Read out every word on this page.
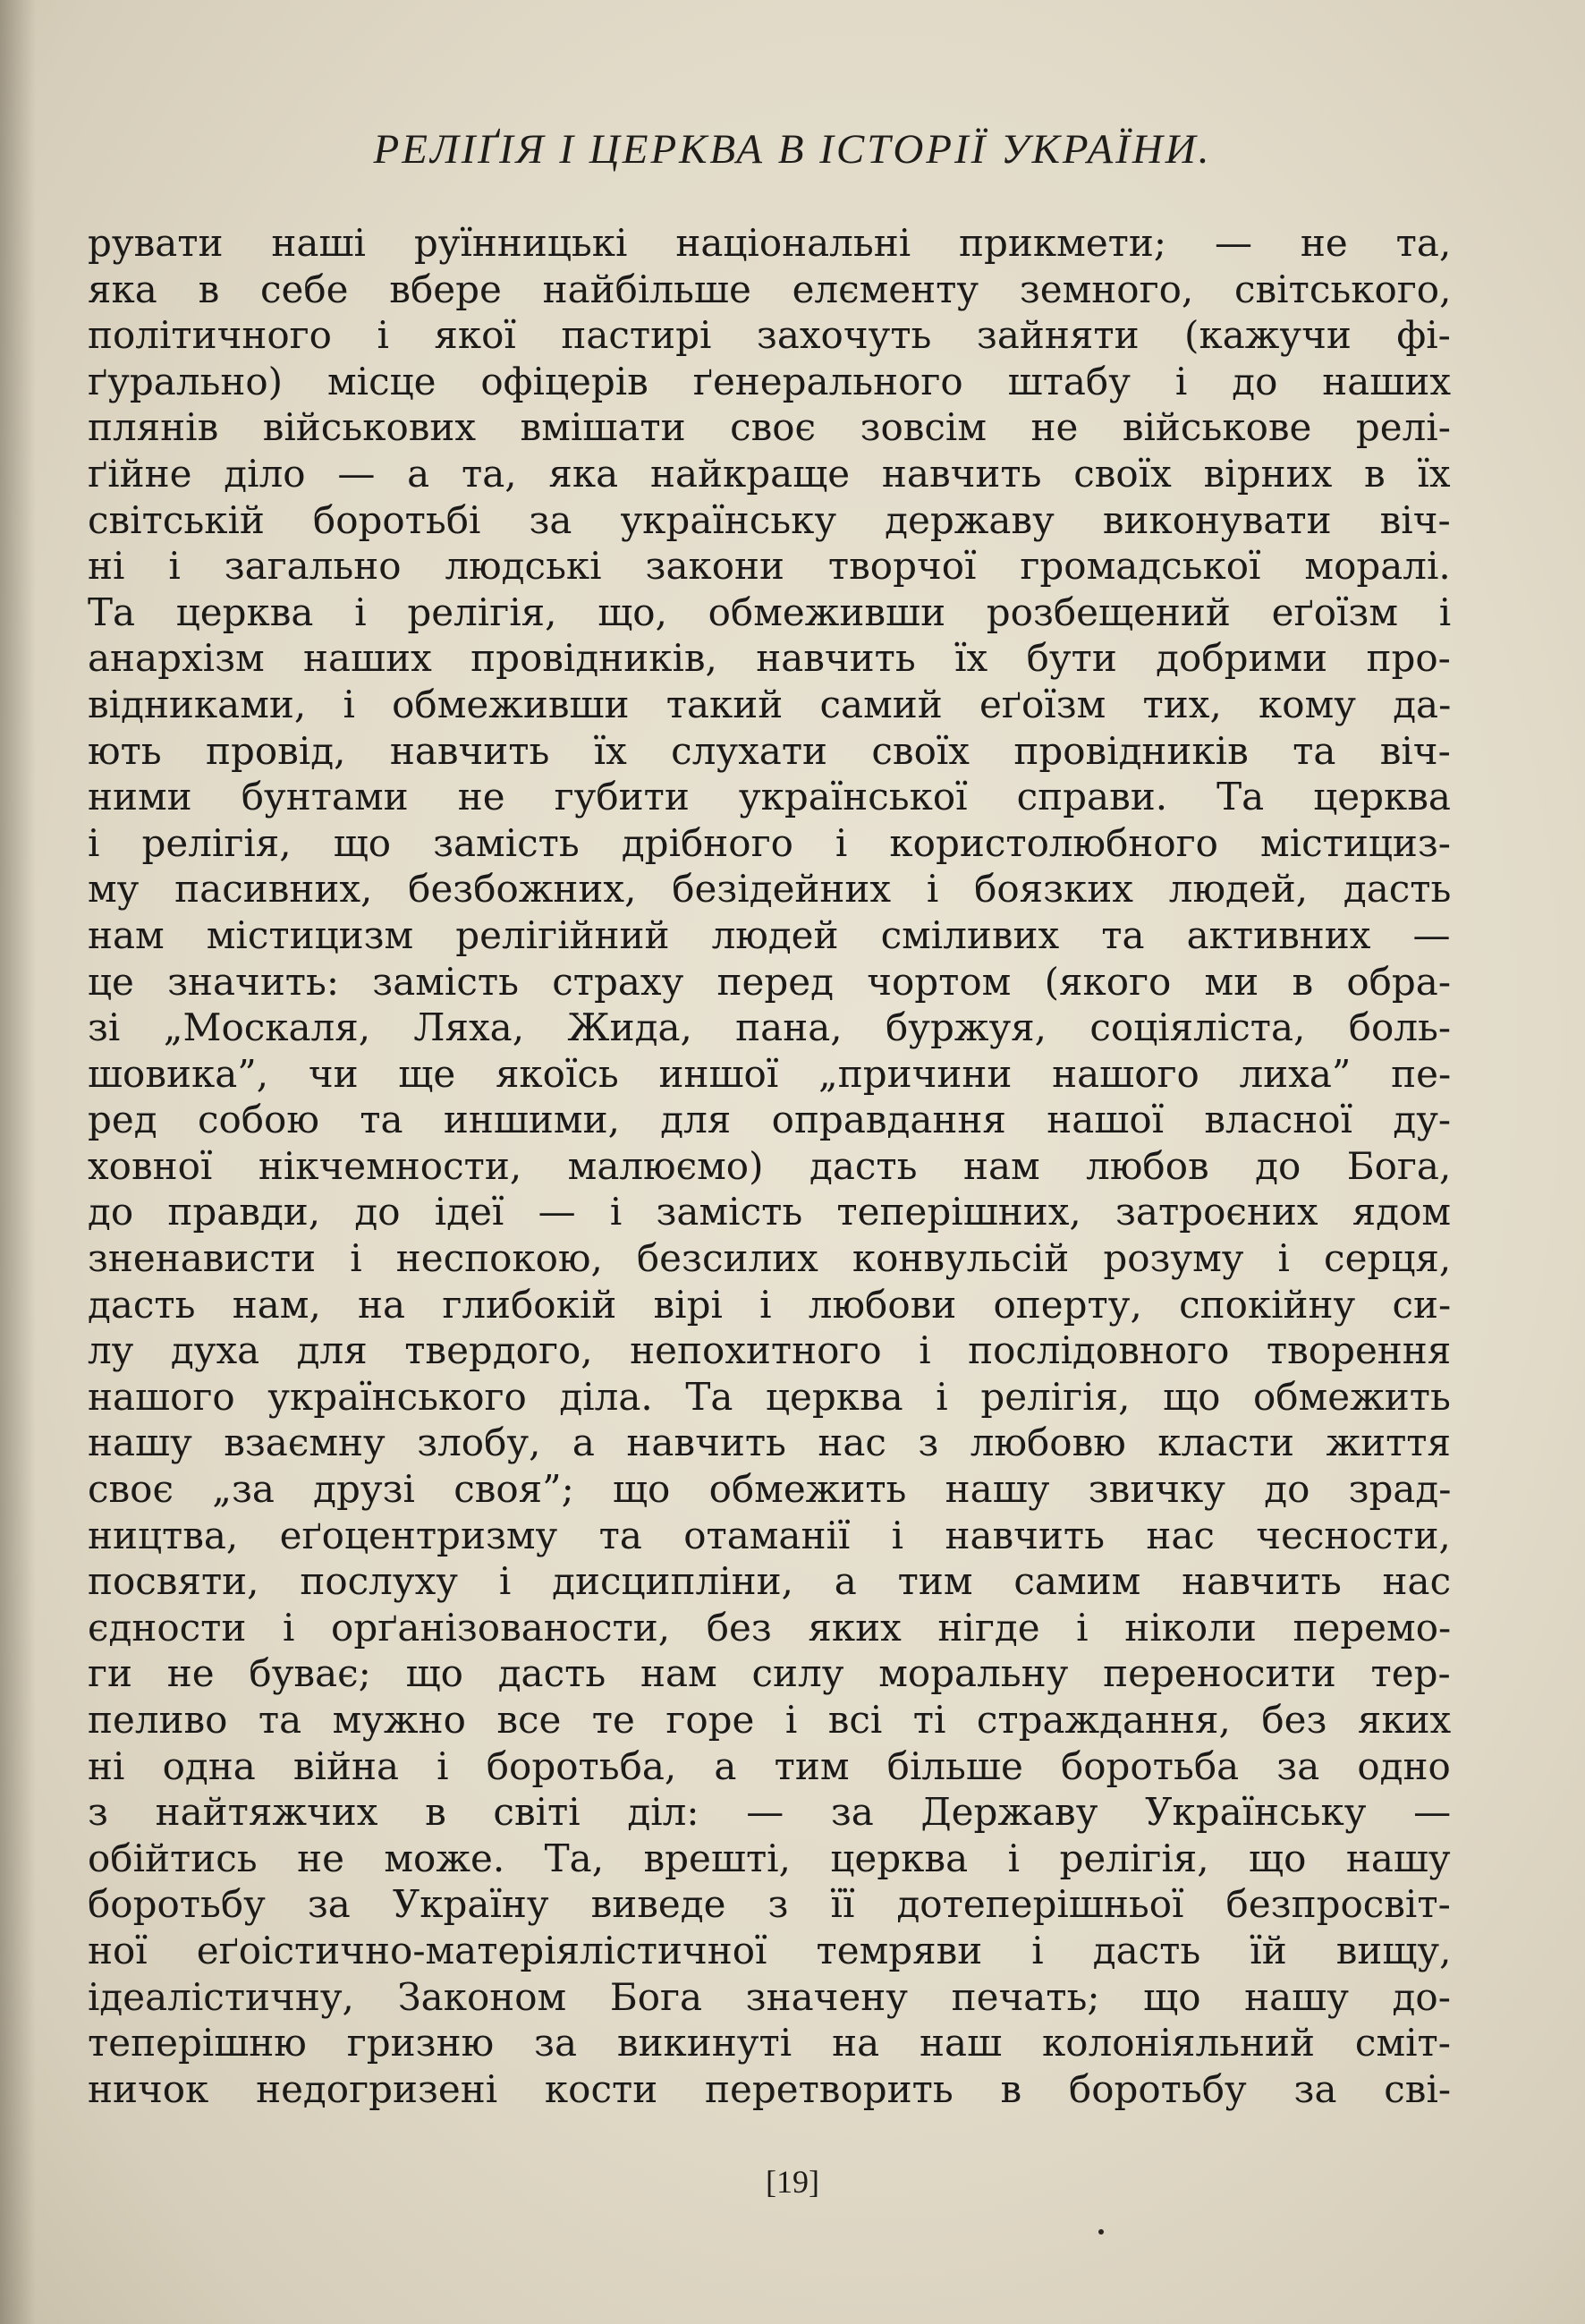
РЕЛІҐІЯ І ЦЕРКВА В ІСТОРІЇ УКРАЇНИ.
рувати наші руїнницькі національні прикмети; — не та,
яка в себе вбере найбільше елєменту земного, світського,
політичного і якої пастирі захочуть зайняти (кажучи фі-
ґурально) місце офіцерів ґенерального штабу і до наших
плянів військових вмішати своє зовсім не військове релі-
ґійне діло — а та, яка найкраще навчить своїх вірних в їх
світській боротьбі за українську державу виконувати віч-
ні і загально людські закони творчої громадської моралі.
Та церква і релігія, що, обмеживши розбещений еґоїзм і
анархізм наших провідників, навчить їх бути добрими про-
відниками, і обмеживши такий самий еґоїзм тих, кому да-
ють провід, навчить їх слухати своїх провідників та віч-
ними бунтами не губити української справи. Та церква
і релігія, що замість дрібного і користолюбного містициз-
му пасивних, безбожних, безідейних і боязких людей, дасть
нам містицизм релігійний людей сміливих та активних —
це значить: замість страху перед чортом (якого ми в обра-
зі „Москаля, Ляха, Жида, пана, буржуя, соціяліста, боль-
шовика”, чи ще якоїсь иншої „причини нашого лиха” пе-
ред собою та иншими, для оправдання нашої власної ду-
ховної нікчемности, малюємо) дасть нам любов до Бога,
до правди, до ідеї — і замість теперішних, затроєних ядом
зненависти і неспокою, безсилих конвульсій розуму і серця,
дасть нам, на глибокій вірі і любови оперту, спокійну си-
лу духа для твердого, непохитного і послідовного творення
нашого українського діла. Та церква і релігія, що обмежить
нашу взаємну злобу, а навчить нас з любовю класти життя
своє „за друзі своя”; що обмежить нашу звичку до зрад-
ництва, еґоцентризму та отаманії і навчить нас чесности,
посвяти, послуху і дисципліни, а тим самим навчить нас
єдности і орґанізованости, без яких нігде і ніколи перемо-
ги не буває; що дасть нам силу моральну переносити тер-
пеливо та мужно все те горе і всі ті страждання, без яких
ні одна війна і боротьба, а тим більше боротьба за одно
з найтяжчих в світі діл: — за Державу Українську —
обійтись не може. Та, врешті, церква і релігія, що нашу
боротьбу за Україну виведе з її дотеперішньої безпросвіт-
ної еґоістично-матеріялістичної темряви і дасть їй вищу,
ідеалістичну, Законом Бога значену печать; що нашу до-
теперішню гризню за викинуті на наш колоніяльний сміт-
ничок недогризені кости перетворить в боротьбу за сві-
[19]
